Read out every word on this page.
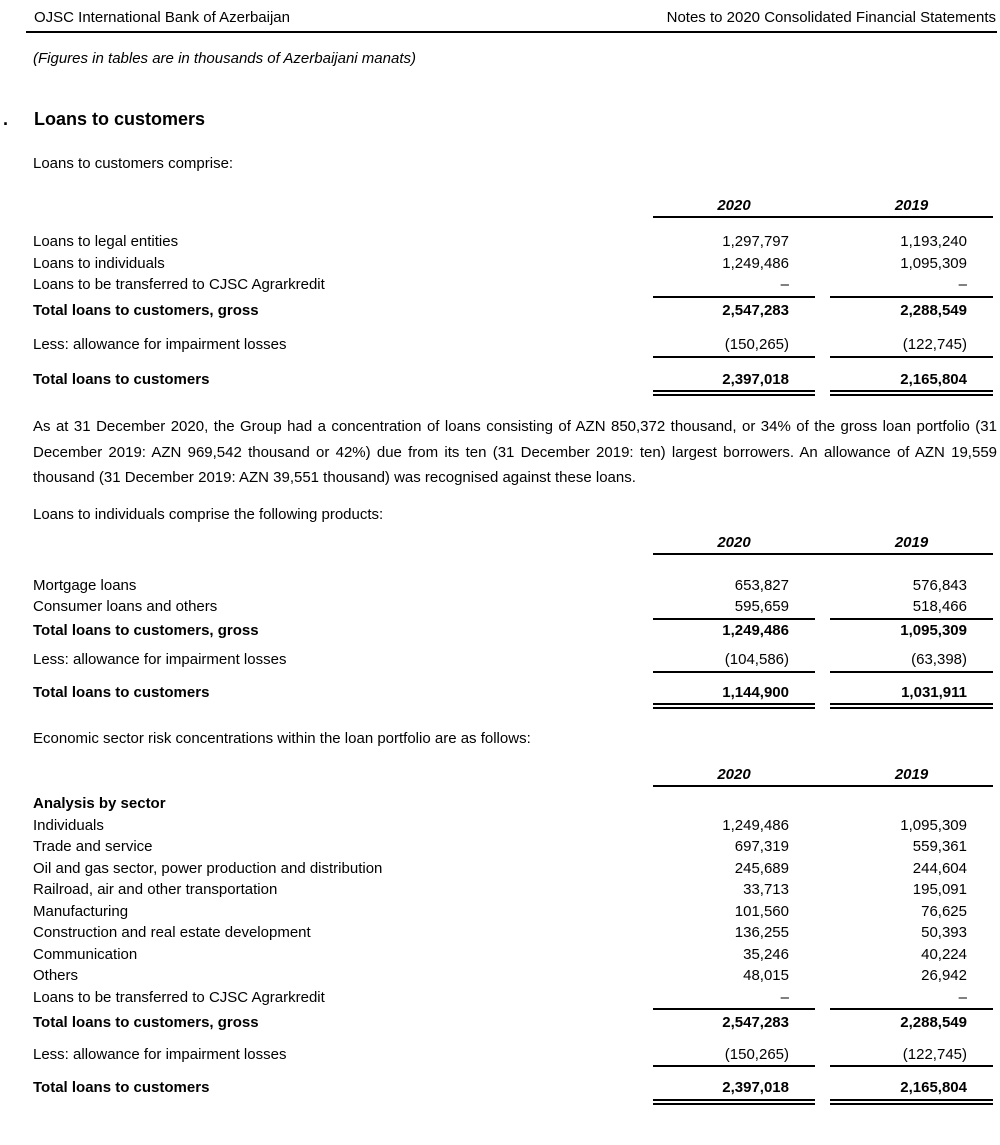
OJSC International Bank of Azerbaijan	Notes to 2020 Consolidated Financial Statements
(Figures in tables are in thousands of Azerbaijani manats)
.	Loans to customers
Loans to customers comprise:
2020	2019
Loans to legal entities	1,297,797	1,193,240
Loans to individuals	1,249,486	1,095,309
Loans to be transferred to CJSC Agrarkredit	–	–
Total loans to customers, gross	2,547,283	2,288,549
Less: allowance for impairment losses	(150,265)	(122,745)
Total loans to customers	2,397,018	2,165,804
As at 31 December 2020, the Group had a concentration of loans consisting of AZN 850,372 thousand, or 34% of the gross loan portfolio (31 December 2019: AZN 969,542 thousand or 42%) due from its ten (31 December 2019: ten) largest borrowers. An allowance of AZN 19,559 thousand (31 December 2019: AZN 39,551 thousand) was recognised against these loans.
Loans to individuals comprise the following products:
2020	2019
Mortgage loans	653,827	576,843
Consumer loans and others	595,659	518,466
Total loans to customers, gross	1,249,486	1,095,309
Less: allowance for impairment losses	(104,586)	(63,398)
Total loans to customers	1,144,900	1,031,911
Economic sector risk concentrations within the loan portfolio are as follows:
2020	2019
Analysis by sector
Individuals	1,249,486	1,095,309
Trade and service	697,319	559,361
Oil and gas sector, power production and distribution	245,689	244,604
Railroad, air and other transportation	33,713	195,091
Manufacturing	101,560	76,625
Construction and real estate development	136,255	50,393
Communication	35,246	40,224
Others	48,015	26,942
Loans to be transferred to CJSC Agrarkredit	–	–
Total loans to customers, gross	2,547,283	2,288,549
Less: allowance for impairment losses	(150,265)	(122,745)
Total loans to customers	2,397,018	2,165,804
